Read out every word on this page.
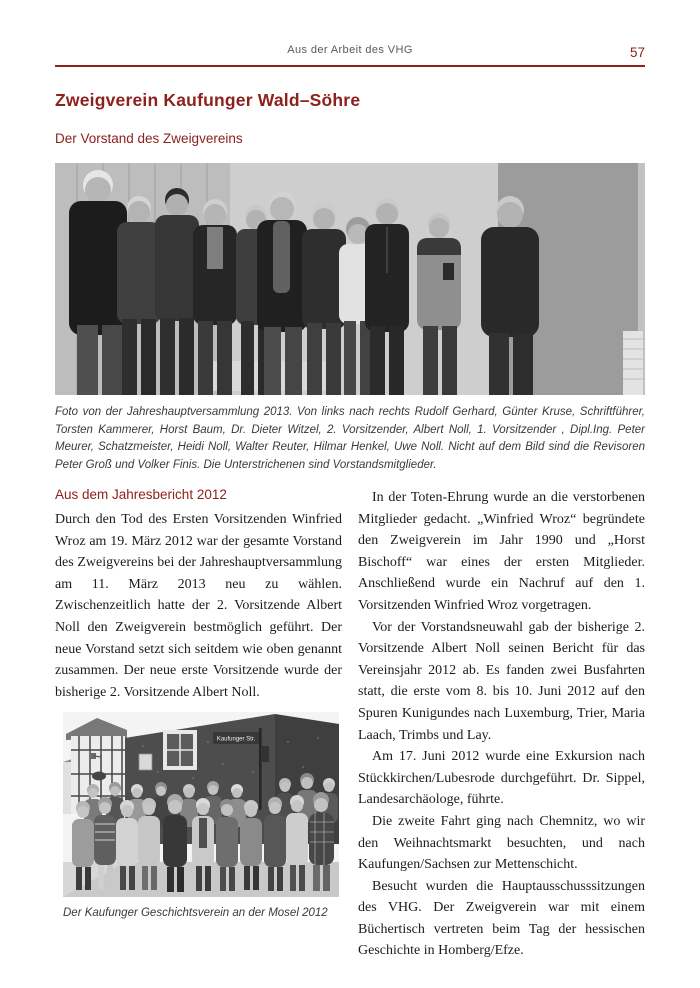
Aus der Arbeit des VHG	57
Zweigverein Kaufunger Wald–Söhre
Der Vorstand des Zweigvereins
Foto von der Jahreshauptversammlung 2013. Von links nach rechts Rudolf Gerhard, Günter Kruse, Schriftführer, Torsten Kammerer, Horst Baum, Dr. Dieter Witzel, 2. Vorsitzender, Albert Noll, 1. Vorsitzender , Dipl.Ing. Peter Meurer, Schatzmeister, Heidi Noll, Walter Reuter, Hilmar Henkel, Uwe Noll. Nicht auf dem Bild sind die Revisoren Peter Groß und Volker Finis. Die Unterstrichenen sind Vorstandsmitglieder.
Aus dem Jahresbericht 2012

Durch den Tod des Ersten Vorsitzenden Winfried Wroz am 19. März 2012 war der gesamte Vorstand des Zweigvereins bei der Jahreshauptversammlung am 11. März 2013 neu zu wählen. Zwischenzeitlich hatte der 2. Vorsitzende Albert Noll den Zweigverein bestmöglich geführt. Der neue Vorstand setzt sich seitdem wie oben genannt zusammen. Der neue erste Vorsitzende wurde der bisherige 2. Vorsitzende Albert Noll.

Kaufunger Str.
Der Kaufunger Geschichtsverein an der Mosel 2012

In der Toten-Ehrung wurde an die verstorbenen Mitglieder gedacht. „Winfried Wroz“ begründete den Zweigverein im Jahr 1990 und „Horst Bischoff“ war eines der ersten Mitglieder. Anschließend wurde ein Nachruf auf den 1. Vorsitzenden Winfried Wroz vorgetragen.

Vor der Vorstandsneuwahl gab der bisherige 2. Vorsitzende Albert Noll seinen Bericht für das Vereinsjahr 2012 ab. Es fanden zwei Busfahrten statt, die erste vom 8. bis 10. Juni 2012 auf den Spuren Kunigundes nach Luxemburg, Trier, Maria Laach, Trimbs und Lay.

Am 17. Juni 2012 wurde eine Exkursion nach Stückkirchen/Lubesrode durchgeführt. Dr. Sippel, Landesarchäologe, führte.

Die zweite Fahrt ging nach Chemnitz, wo wir den Weihnachtsmarkt besuchten, und nach Kaufungen/Sachsen zur Mettenschicht.

Besucht wurden die Hauptausschusssitzungen des VHG. Der Zweigverein war mit einem Büchertisch vertreten beim Tag der hessischen Geschichte in Homberg/Efze.
